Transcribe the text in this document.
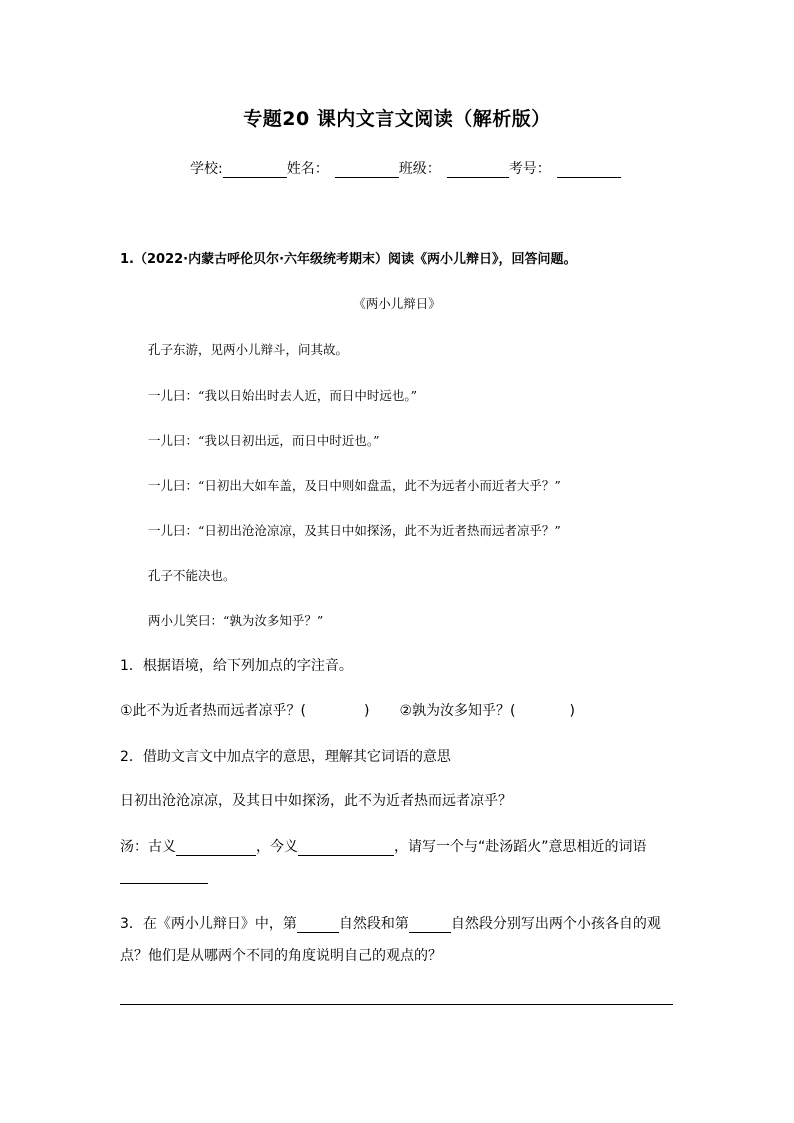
专题20 课内文言文阅读（解析版）
学校:	姓名：	班级：	考号：
1.（2022·内蒙古呼伦贝尔·六年级统考期末）阅读《两小儿辩日》，回答问题。
《两小儿辩日》
孔子东游，见两小儿辩斗，问其故。
一儿曰：“我以日始出时去人近，而日中时远也。”
一儿曰：“我以日初出远，而日中时近也。”
一儿曰：“日初出大如车盖，及日中则如盘盂，此不为远者小而近者大乎？”
一儿曰：“日初出沧沧凉凉，及其日中如探汤，此不为近者热而远者凉乎？”
孔子不能决也。
两小儿笑曰：“孰为汝多知乎？”
1．根据语境，给下列加点的字注音。
①此不为近者热而远者凉乎？(	) ②孰为汝多知乎？(	)
2．借助文言文中加点字的意思，理解其它词语的意思
日初出沧沧凉凉，及其日中如探汤，此不为近者热而远者凉乎？
汤：古义	，今义	，请写一个与“赴汤蹈火”意思相近的词语
3．在《两小儿辩日》中，第	自然段和第	自然段分别写出两个小孩各自的观
点？他们是从哪两个不同的角度说明自己的观点的？
